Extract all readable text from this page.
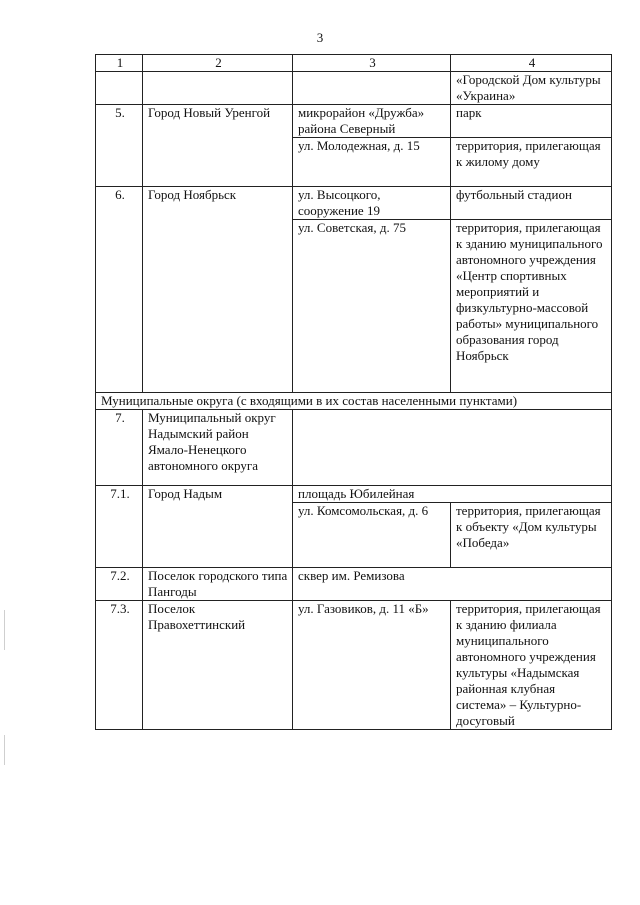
3
1	2	3	4
			«Городской Дом культуры «Украина»
5.	Город Новый Уренгой	микрорайон «Дружба» района Северный	парк
		ул. Молодежная, д. 15	территория, прилегающая к жилому дому
6.	Город Ноябрьск	ул. Высоцкого, сооружение 19	футбольный стадион
		ул. Советская, д. 75	территория, прилегающая к зданию муниципального автономного учреждения «Центр спортивных мероприятий и физкультурно-массовой работы» муниципального образования город Ноябрьск
Муниципальные округа (с входящими в их состав населенными пунктами)			
7.	Муниципальный округ Надымский район Ямало-Ненецкого автономного округа		
7.1.	Город Надым	площадь Юбилейная	
		ул. Комсомольская, д. 6	территория, прилегающая к объекту «Дом культуры «Победа»
7.2.	Поселок городского типа Пангоды	сквер им. Ремизова	
7.3.	Поселок Правохеттинский	ул. Газовиков, д. 11 «Б»	территория, прилегающая к зданию филиала муниципального автономного учреждения культуры «Надымская районная клубная система» – Культурно-досуговый
